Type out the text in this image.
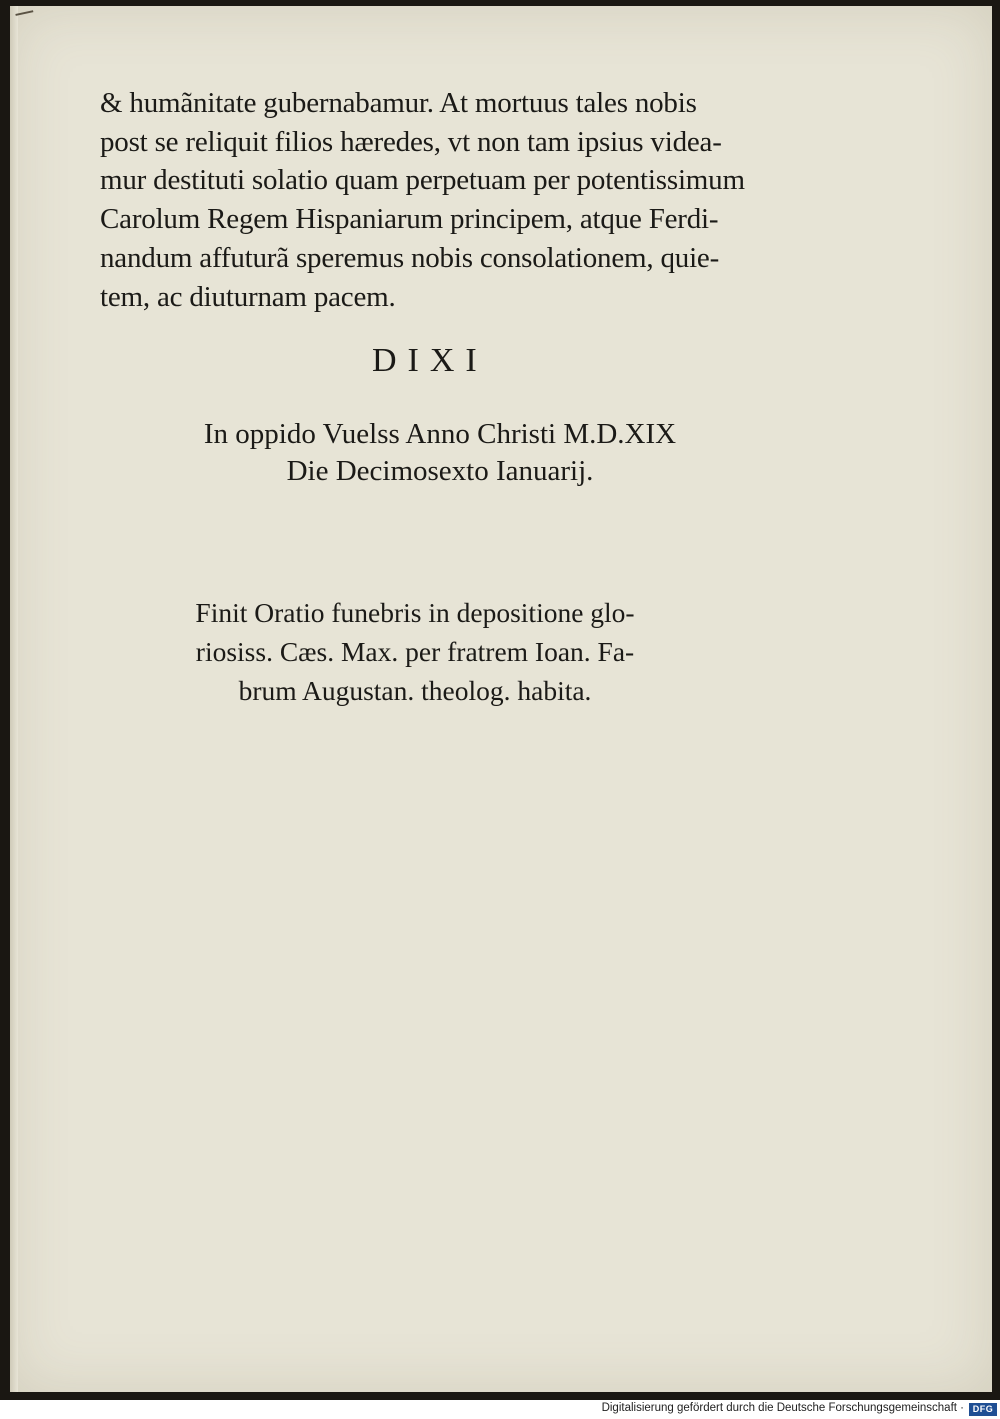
& humãnitate gubernabamur. At mortuus tales nobis
post se reliquit filios hæredes, vt non tam ipsius videa-
mur destituti solatio quam perpetuam per potentissimum
Carolum Regem Hispaniarum principem, atque Ferdi-
nandum affuturã speremus nobis consolationem, quie-
tem, ac diuturnam pacem.

DIXI
In oppido Vuelss Anno Christi M.D.XIX
Die Decimosexto Ianuarij.
Finit Oratio funebris in depositione glo-
riosiss. Cæs. Max. per fratrem Ioan. Fa-
brum Augustan. theolog. habita.
Digitalisierung gefördert durch die Deutsche Forschungsgemeinschaft · DFG
